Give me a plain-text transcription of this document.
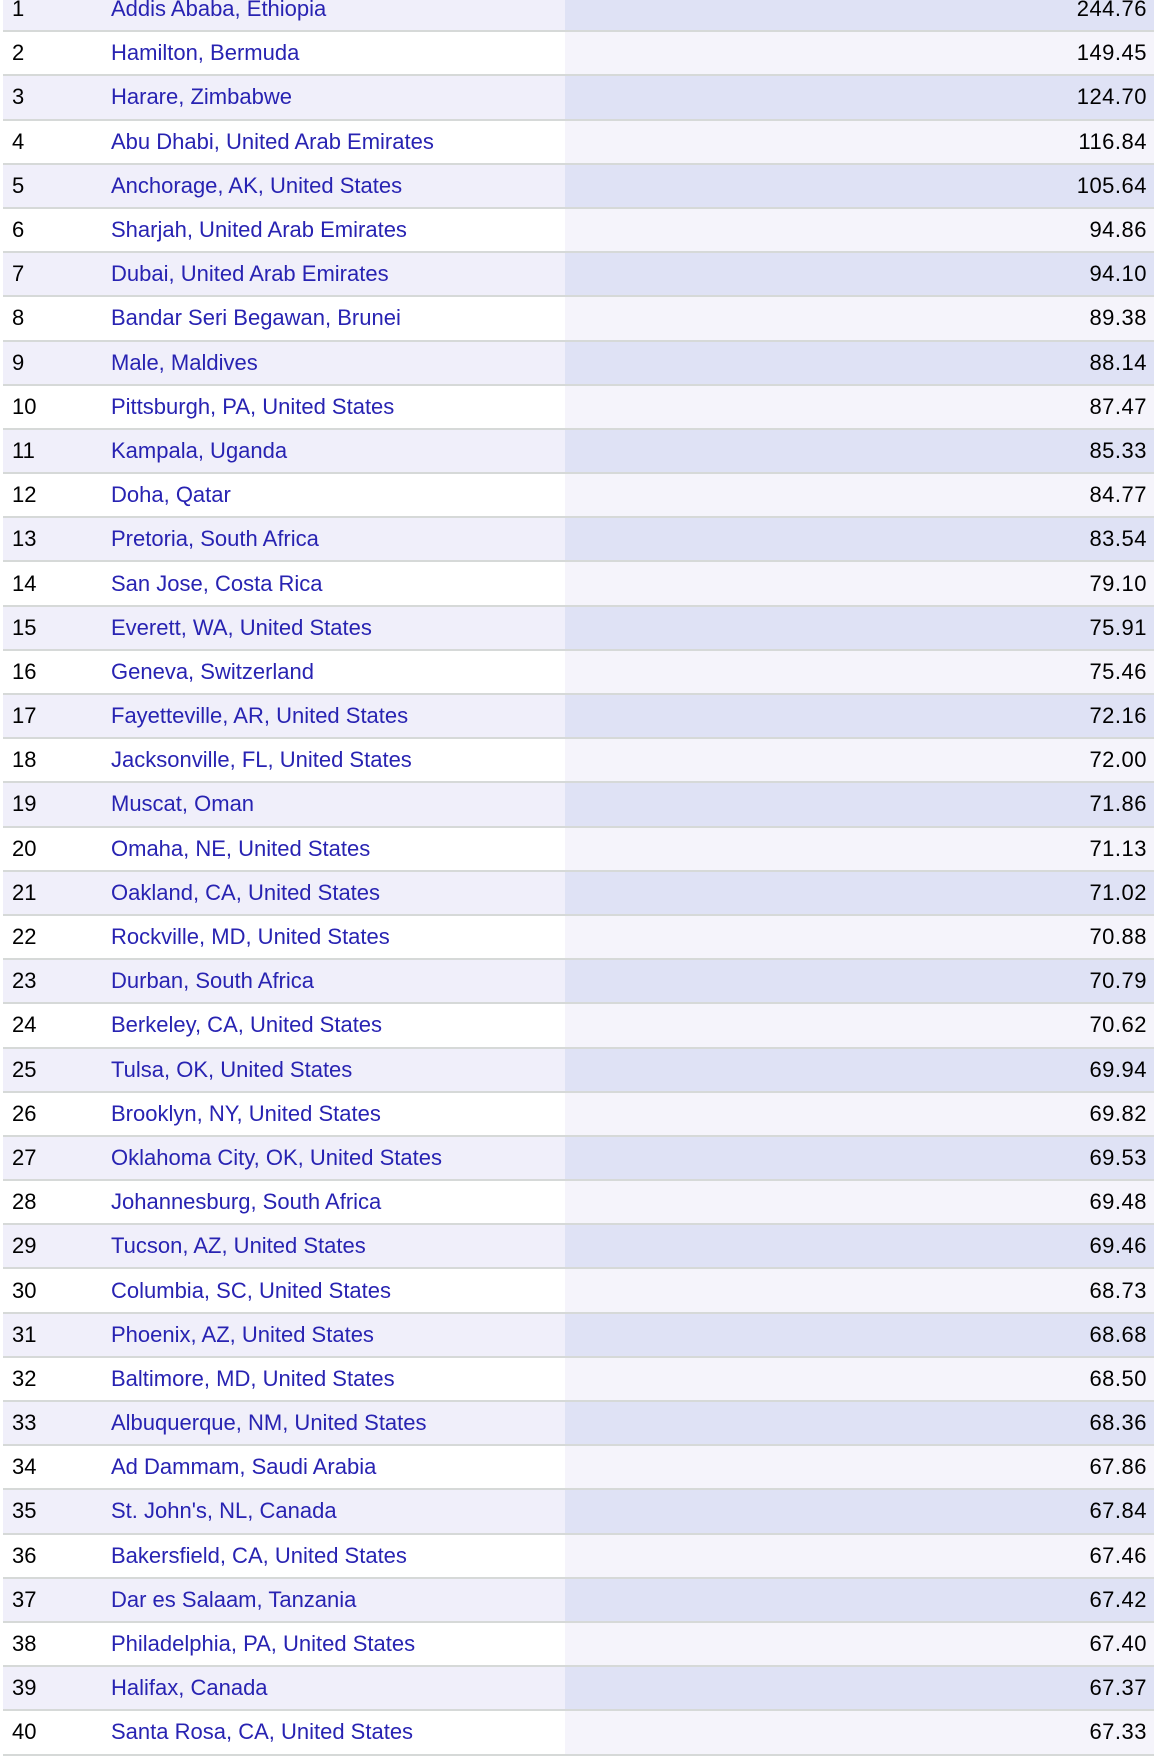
1	Addis Ababa, Ethiopia	244.76
2	Hamilton, Bermuda	149.45
3	Harare, Zimbabwe	124.70
4	Abu Dhabi, United Arab Emirates	116.84
5	Anchorage, AK, United States	105.64
6	Sharjah, United Arab Emirates	94.86
7	Dubai, United Arab Emirates	94.10
8	Bandar Seri Begawan, Brunei	89.38
9	Male, Maldives	88.14
10	Pittsburgh, PA, United States	87.47
11	Kampala, Uganda	85.33
12	Doha, Qatar	84.77
13	Pretoria, South Africa	83.54
14	San Jose, Costa Rica	79.10
15	Everett, WA, United States	75.91
16	Geneva, Switzerland	75.46
17	Fayetteville, AR, United States	72.16
18	Jacksonville, FL, United States	72.00
19	Muscat, Oman	71.86
20	Omaha, NE, United States	71.13
21	Oakland, CA, United States	71.02
22	Rockville, MD, United States	70.88
23	Durban, South Africa	70.79
24	Berkeley, CA, United States	70.62
25	Tulsa, OK, United States	69.94
26	Brooklyn, NY, United States	69.82
27	Oklahoma City, OK, United States	69.53
28	Johannesburg, South Africa	69.48
29	Tucson, AZ, United States	69.46
30	Columbia, SC, United States	68.73
31	Phoenix, AZ, United States	68.68
32	Baltimore, MD, United States	68.50
33	Albuquerque, NM, United States	68.36
34	Ad Dammam, Saudi Arabia	67.86
35	St. John's, NL, Canada	67.84
36	Bakersfield, CA, United States	67.46
37	Dar es Salaam, Tanzania	67.42
38	Philadelphia, PA, United States	67.40
39	Halifax, Canada	67.37
40	Santa Rosa, CA, United States	67.33
